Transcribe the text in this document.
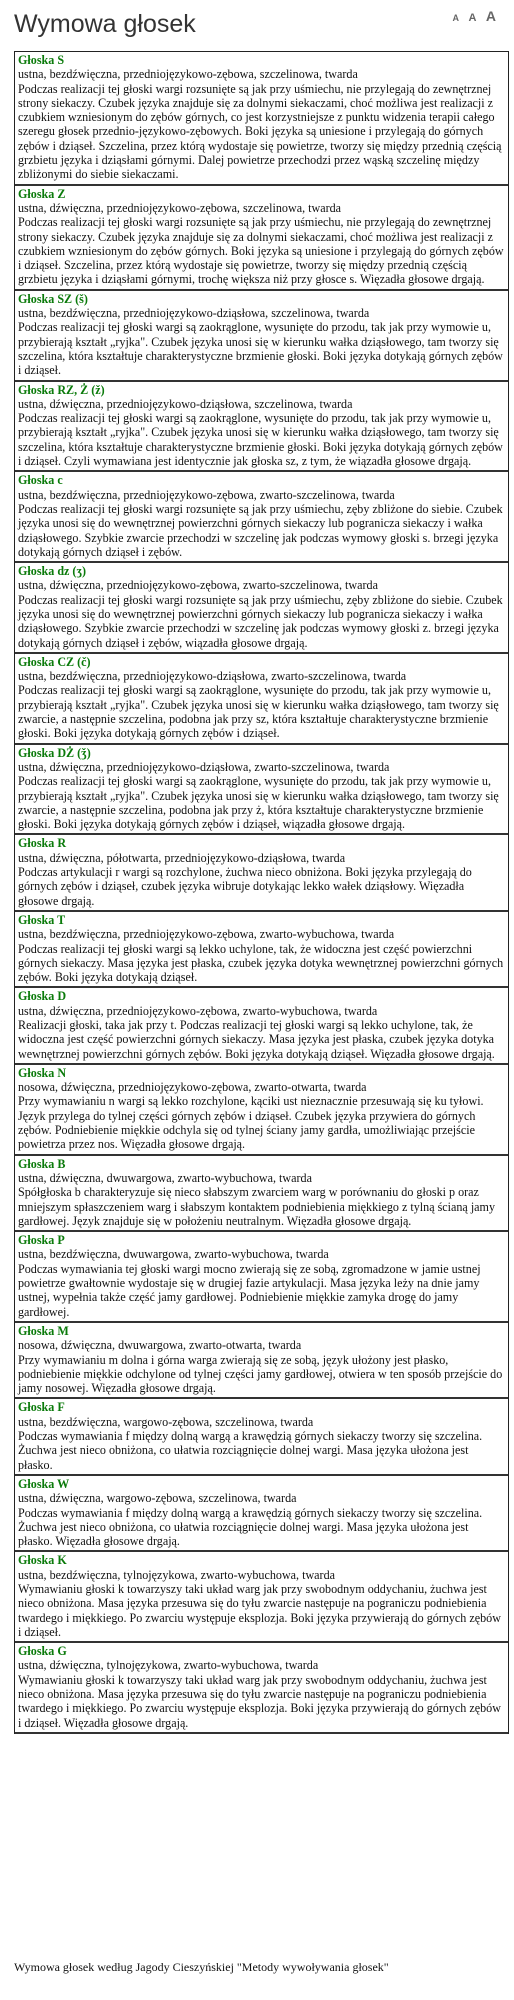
Wymowa głosek	A A A
Głoska S
ustna, bezdźwięczna, przedniojęzykowo-zębowa, szczelinowa, twarda
Podczas realizacji tej głoski wargi rozsunięte są jak przy uśmiechu, nie przylegają do zewnętrznej strony siekaczy. Czubek języka znajduje się za dolnymi siekaczami, choć możliwa jest realizacji z czubkiem wzniesionym do zębów górnych, co jest korzystniejsze z punktu widzenia terapii całego szeregu głosek przednio-językowo-zębowych. Boki języka są uniesione i przylegają do górnych zębów i dziąseł. Szczelina, przez którą wydostaje się powietrze, tworzy się między przednią częścią grzbietu języka i dziąsłami górnymi. Dalej powietrze przechodzi przez wąską szczelinę między zbliżonymi do siebie siekaczami.
Głoska Z
ustna, dźwięczna, przedniojęzykowo-zębowa, szczelinowa, twarda
Podczas realizacji tej głoski wargi rozsunięte są jak przy uśmiechu, nie przylegają do zewnętrznej strony siekaczy. Czubek języka znajduje się za dolnymi siekaczami, choć możliwa jest realizacji z czubkiem wzniesionym do zębów górnych. Boki języka są uniesione i przylegają do górnych zębów i dziąseł. Szczelina, przez którą wydostaje się powietrze, tworzy się między przednią częścią grzbietu języka i dziąsłami górnymi, trochę większa niż przy głosce s. Więzadła głosowe drgają.
Głoska SZ (š)
ustna, bezdźwięczna, przedniojęzykowo-dziąsłowa, szczelinowa, twarda
Podczas realizacji tej głoski wargi są zaokrąglone, wysunięte do przodu, tak jak przy wymowie u, przybierają kształt „ryjka". Czubek języka unosi się w kierunku wałka dziąsłowego, tam tworzy się szczelina, która kształtuje charakterystyczne brzmienie głoski. Boki języka dotykają górnych zębów i dziąseł.
Głoska RZ, Ż (ž)
ustna, dźwięczna, przedniojęzykowo-dziąsłowa, szczelinowa, twarda
Podczas realizacji tej głoski wargi są zaokrąglone, wysunięte do przodu, tak jak przy wymowie u, przybierają kształt „ryjka". Czubek języka unosi się w kierunku wałka dziąsłowego, tam tworzy się szczelina, która kształtuje charakterystyczne brzmienie głoski. Boki języka dotykają górnych zębów i dziąseł. Czyli wymawiana jest identycznie jak głoska sz, z tym, że wiązadła głosowe drgają.
Głoska c
ustna, bezdźwięczna, przedniojęzykowo-zębowa, zwarto-szczelinowa, twarda
Podczas realizacji tej głoski wargi rozsunięte są jak przy uśmiechu, zęby zbliżone do siebie. Czubek języka unosi się do wewnętrznej powierzchni górnych siekaczy lub pogranicza siekaczy i wałka dziąsłowego. Szybkie zwarcie przechodzi w szczelinę jak podczas wymowy głoski s. brzegi języka dotykają górnych dziąseł i zębów.
Głoska dz (ʒ)
ustna, dźwięczna, przedniojęzykowo-zębowa, zwarto-szczelinowa, twarda
Podczas realizacji tej głoski wargi rozsunięte są jak przy uśmiechu, zęby zbliżone do siebie. Czubek języka unosi się do wewnętrznej powierzchni górnych siekaczy lub pogranicza siekaczy i wałka dziąsłowego. Szybkie zwarcie przechodzi w szczelinę jak podczas wymowy głoski z. brzegi języka dotykają górnych dziąseł i zębów, wiązadła głosowe drgają.
Głoska CZ (č)
ustna, bezdźwięczna, przedniojęzykowo-dziąsłowa, zwarto-szczelinowa, twarda
Podczas realizacji tej głoski wargi są zaokrąglone, wysunięte do przodu, tak jak przy wymowie u, przybierają kształt „ryjka". Czubek języka unosi się w kierunku wałka dziąsłowego, tam tworzy się zwarcie, a następnie szczelina, podobna jak przy sz, która kształtuje charakterystyczne brzmienie głoski. Boki języka dotykają górnych zębów i dziąseł.
Głoska DŻ (ǯ)
ustna, dźwięczna, przedniojęzykowo-dziąsłowa, zwarto-szczelinowa, twarda
Podczas realizacji tej głoski wargi są zaokrąglone, wysunięte do przodu, tak jak przy wymowie u, przybierają kształt „ryjka". Czubek języka unosi się w kierunku wałka dziąsłowego, tam tworzy się zwarcie, a następnie szczelina, podobna jak przy ż, która kształtuje charakterystyczne brzmienie głoski. Boki języka dotykają górnych zębów i dziąseł, wiązadła głosowe drgają.
Głoska R
ustna, dźwięczna, półotwarta, przedniojęzykowo-dziąsłowa, twarda
Podczas artykulacji r wargi są rozchylone, żuchwa nieco obniżona. Boki języka przylegają do górnych zębów i dziąseł, czubek języka wibruje dotykając lekko wałek dziąsłowy. Więzadła głosowe drgają.
Głoska T
ustna, bezdźwięczna, przedniojęzykowo-zębowa, zwarto-wybuchowa, twarda
Podczas realizacji tej głoski wargi są lekko uchylone, tak, że widoczna jest część powierzchni górnych siekaczy. Masa języka jest płaska, czubek języka dotyka wewnętrznej powierzchni górnych zębów. Boki języka dotykają dziąseł.
Głoska D
ustna, dźwięczna, przedniojęzykowo-zębowa, zwarto-wybuchowa, twarda
Realizacji głoski, taka jak przy t. Podczas realizacji tej głoski wargi są lekko uchylone, tak, że widoczna jest część powierzchni górnych siekaczy. Masa języka jest płaska, czubek języka dotyka wewnętrznej powierzchni górnych zębów. Boki języka dotykają dziąseł. Więzadła głosowe drgają.
Głoska N
nosowa, dźwięczna, przedniojęzykowo-zębowa, zwarto-otwarta, twarda
Przy wymawianiu n wargi są lekko rozchylone, kąciki ust nieznacznie przesuwają się ku tyłowi. Język przylega do tylnej części górnych zębów i dziąseł. Czubek języka przywiera do górnych zębów. Podniebienie miękkie odchyla się od tylnej ściany jamy gardła, umożliwiając przejście powietrza przez nos. Więzadła głosowe drgają.
Głoska B
ustna, dźwięczna, dwuwargowa, zwarto-wybuchowa, twarda
Spółgłoska b charakteryzuje się nieco słabszym zwarciem warg w porównaniu do głoski p oraz mniejszym spłaszczeniem warg i słabszym kontaktem podniebienia miękkiego z tylną ścianą jamy gardłowej. Język znajduje się w położeniu neutralnym. Więzadła głosowe drgają.
Głoska P
ustna, bezdźwięczna, dwuwargowa, zwarto-wybuchowa, twarda
Podczas wymawiania tej głoski wargi mocno zwierają się ze sobą, zgromadzone w jamie ustnej powietrze gwałtownie wydostaje się w drugiej fazie artykulacji. Masa języka leży na dnie jamy ustnej, wypełnia także część jamy gardłowej. Podniebienie miękkie zamyka drogę do jamy gardłowej.
Głoska M
nosowa, dźwięczna, dwuwargowa, zwarto-otwarta, twarda
Przy wymawianiu m dolna i górna warga zwierają się ze sobą, język ułożony jest płasko, podniebienie miękkie odchylone od tylnej części jamy gardłowej, otwiera w ten sposób przejście do jamy nosowej. Więzadła głosowe drgają.
Głoska F
ustna, bezdźwięczna, wargowo-zębowa, szczelinowa, twarda
Podczas wymawiania f między dolną wargą a krawędzią górnych siekaczy tworzy się szczelina. Żuchwa jest nieco obniżona, co ułatwia rozciągnięcie dolnej wargi. Masa języka ułożona jest płasko.
Głoska W
ustna, dźwięczna, wargowo-zębowa, szczelinowa, twarda
Podczas wymawiania f między dolną wargą a krawędzią górnych siekaczy tworzy się szczelina. Żuchwa jest nieco obniżona, co ułatwia rozciągnięcie dolnej wargi. Masa języka ułożona jest płasko. Więzadła głosowe drgają.
Głoska K
ustna, bezdźwięczna, tylnojęzykowa, zwarto-wybuchowa, twarda
Wymawianiu głoski k towarzyszy taki układ warg jak przy swobodnym oddychaniu, żuchwa jest nieco obniżona. Masa języka przesuwa się do tyłu zwarcie następuje na pograniczu podniebienia twardego i miękkiego. Po zwarciu występuje eksplozja. Boki języka przywierają do górnych zębów i dziąseł.
Głoska G
ustna, dźwięczna, tylnojęzykowa, zwarto-wybuchowa, twarda
Wymawianiu głoski k towarzyszy taki układ warg jak przy swobodnym oddychaniu, żuchwa jest nieco obniżona. Masa języka przesuwa się do tyłu zwarcie następuje na pograniczu podniebienia twardego i miękkiego. Po zwarciu występuje eksplozja. Boki języka przywierają do górnych zębów i dziąseł. Więzadła głosowe drgają.
Wymowa głosek według Jagody Cieszyńskiej "Metody wywoływania głosek"
